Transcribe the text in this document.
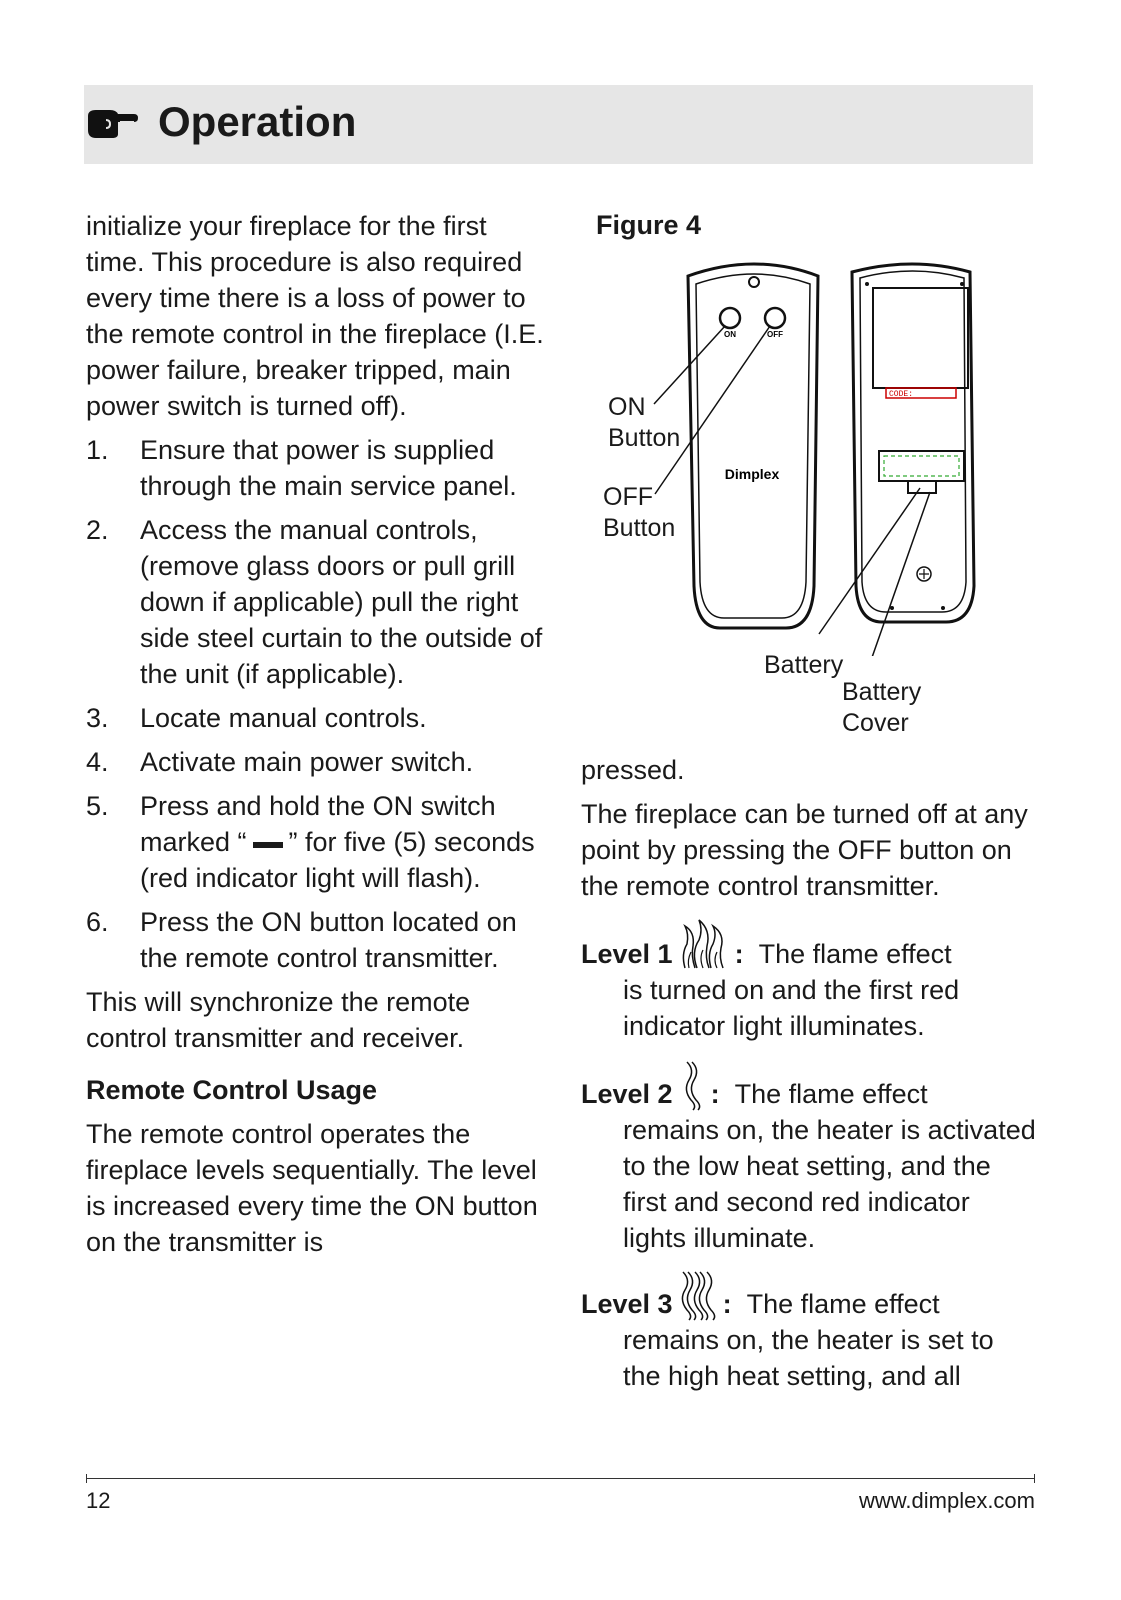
Operation

initialize your fireplace for the first time. This procedure is also required every time there is a loss of power to the remote control in the fireplace (I.E. power failure, breaker tripped, main power switch is turned off).

1. Ensure that power is supplied through the main service panel.
2. Access the manual controls, (remove glass doors or pull grill down if applicable) pull the right side steel curtain to the outside of the unit (if applicable).
3. Locate manual controls.
4. Activate main power switch.
5. Press and hold the ON switch marked “ ” for five (5) seconds (red indicator light will flash).
6. Press the ON button located on the remote control transmitter.

This will synchronize the remote control transmitter and receiver.

Remote Control Usage

The remote control operates the fireplace levels sequentially. The level is increased every time the ON button on the transmitter is

Figure 4
ON	OFF
Dimplex
CODE:
ON
Button
OFF
Button
Battery
Battery
Cover

pressed.

The fireplace can be turned off at any point by pressing the OFF button on the remote control transmitter.

Level 1 :
The flame effect
is turned on and the first red indicator light illuminates.
Level 2 :
The flame effect
remains on, the heater is activated to the low heat setting, and the first and second red indicator lights illuminate.
Level 3 :
The flame effect
remains on, the heater is set to the high heat setting, and all
12	www.dimplex.com
